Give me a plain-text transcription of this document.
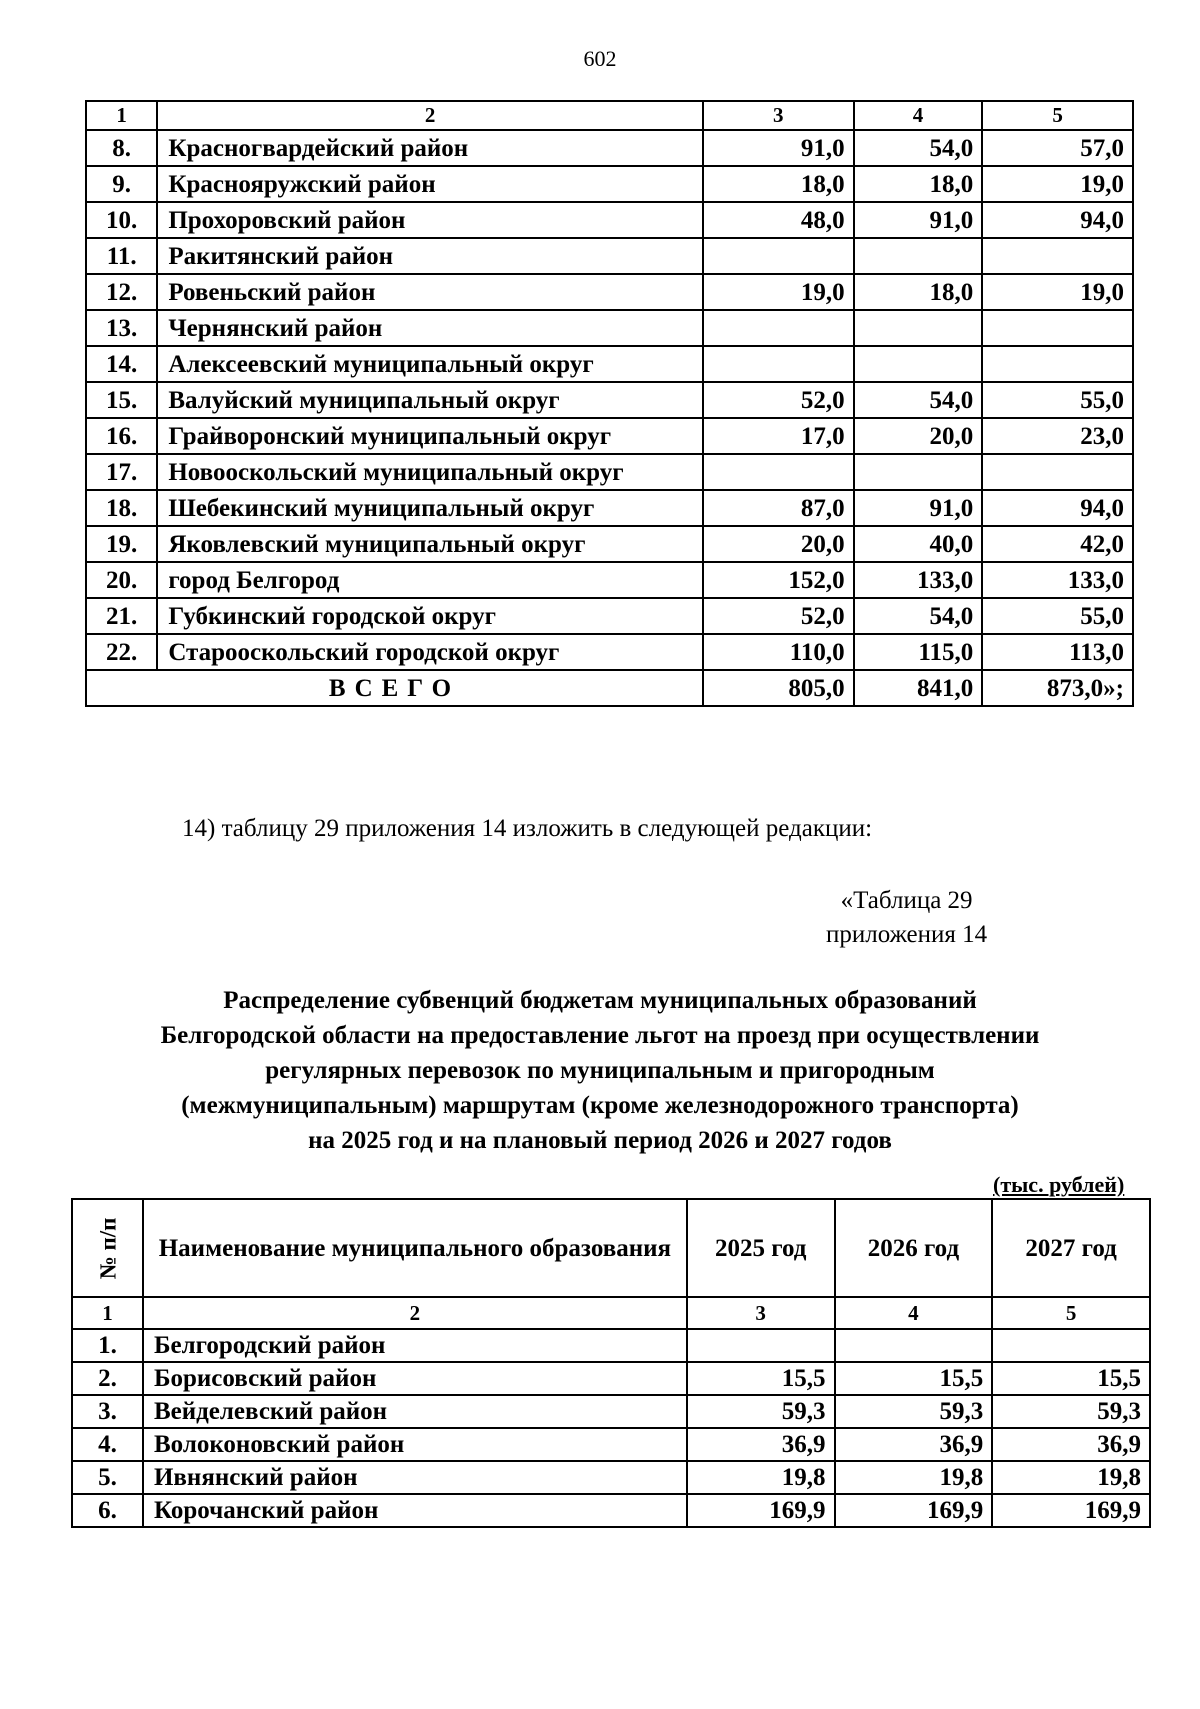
602
1	2	3	4	5
8.	Красногвардейский район	91,0	54,0	57,0
9.	Краснояружский район	18,0	18,0	19,0
10.	Прохоровский район	48,0	91,0	94,0
11.	Ракитянский район			
12.	Ровеньский район	19,0	18,0	19,0
13.	Чернянский район			
14.	Алексеевский муниципальный округ			
15.	Валуйский муниципальный округ	52,0	54,0	55,0
16.	Грайворонский муниципальный округ	17,0	20,0	23,0
17.	Новооскольский муниципальный округ			
18.	Шебекинский муниципальный округ	87,0	91,0	94,0
19.	Яковлевский муниципальный округ	20,0	40,0	42,0
20.	город Белгород	152,0	133,0	133,0
21.	Губкинский городской округ	52,0	54,0	55,0
22.	Старооскольский городской округ	110,0	115,0	113,0
ВСЕГО		805,0	841,0	873,0»;
14) таблицу 29 приложения 14 изложить в следующей редакции:
«Таблица 29
приложения 14
Распределение субвенций бюджетам муниципальных образований
Белгородской области на предоставление льгот на проезд при осуществлении
регулярных перевозок по муниципальным и пригородным
(межмуниципальным) маршрутам (кроме железнодорожного транспорта)
на 2025 год и на плановый период 2026 и 2027 годов
(тыс. рублей)
№ п/п	Наименование муниципального образования	2025 год	2026 год	2027 год
1	2	3	4	5
1.	Белгородский район			
2.	Борисовский район	15,5	15,5	15,5
3.	Вейделевский район	59,3	59,3	59,3
4.	Волоконовский район	36,9	36,9	36,9
5.	Ивнянский район	19,8	19,8	19,8
6.	Корочанский район	169,9	169,9	169,9
